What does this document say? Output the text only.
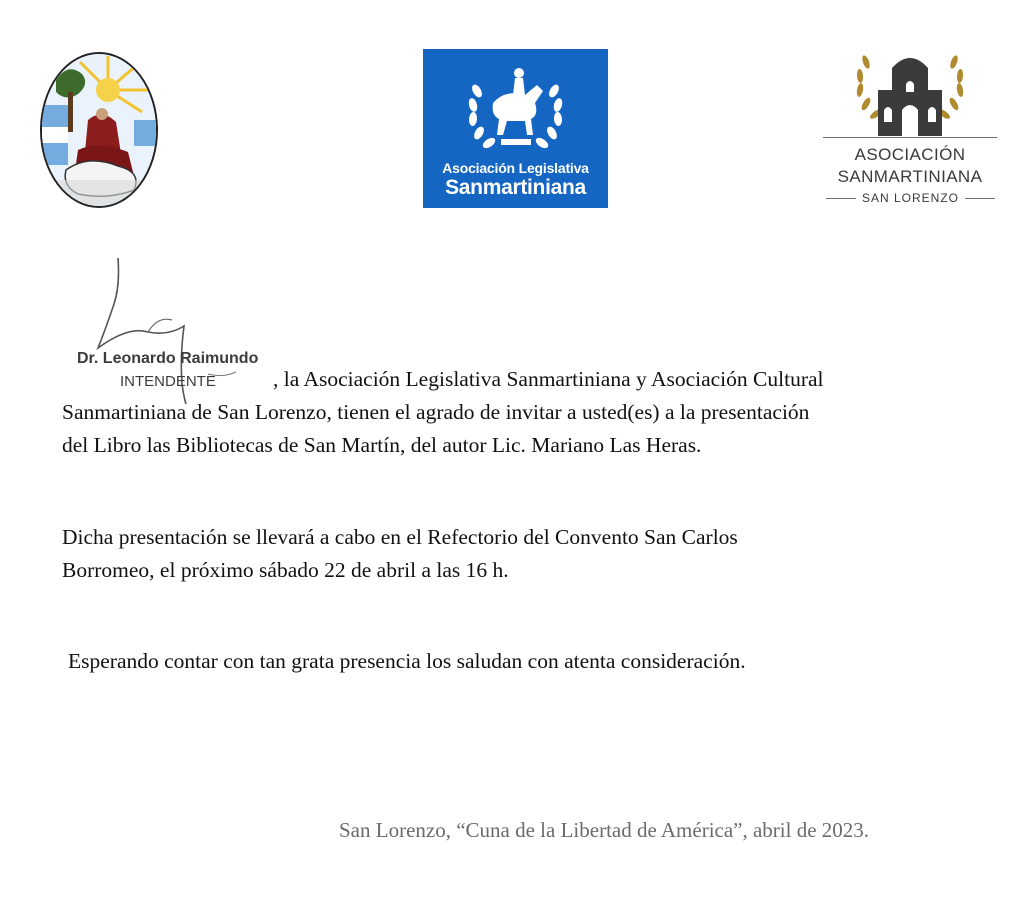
Asociación Legislativa
Sanmartiniana
ASOCIACIÓN
SANMARTINIANA
SAN LORENZO
Dr. Leonardo Raimundo
INTENDENTE	, la Asociación Legislativa Sanmartiniana y Asociación Cultural
Sanmartiniana de San Lorenzo, tienen el agrado de invitar a usted(es) a la presentación
del Libro las Bibliotecas de San Martín, del autor Lic. Mariano Las Heras.
Dicha presentación se llevará a cabo en el Refectorio del Convento San Carlos
Borromeo, el próximo sábado 22 de abril a las 16 h.
Esperando contar con tan grata presencia los saludan con atenta consideración.
San Lorenzo, “Cuna de la Libertad de América”, abril de 2023.
